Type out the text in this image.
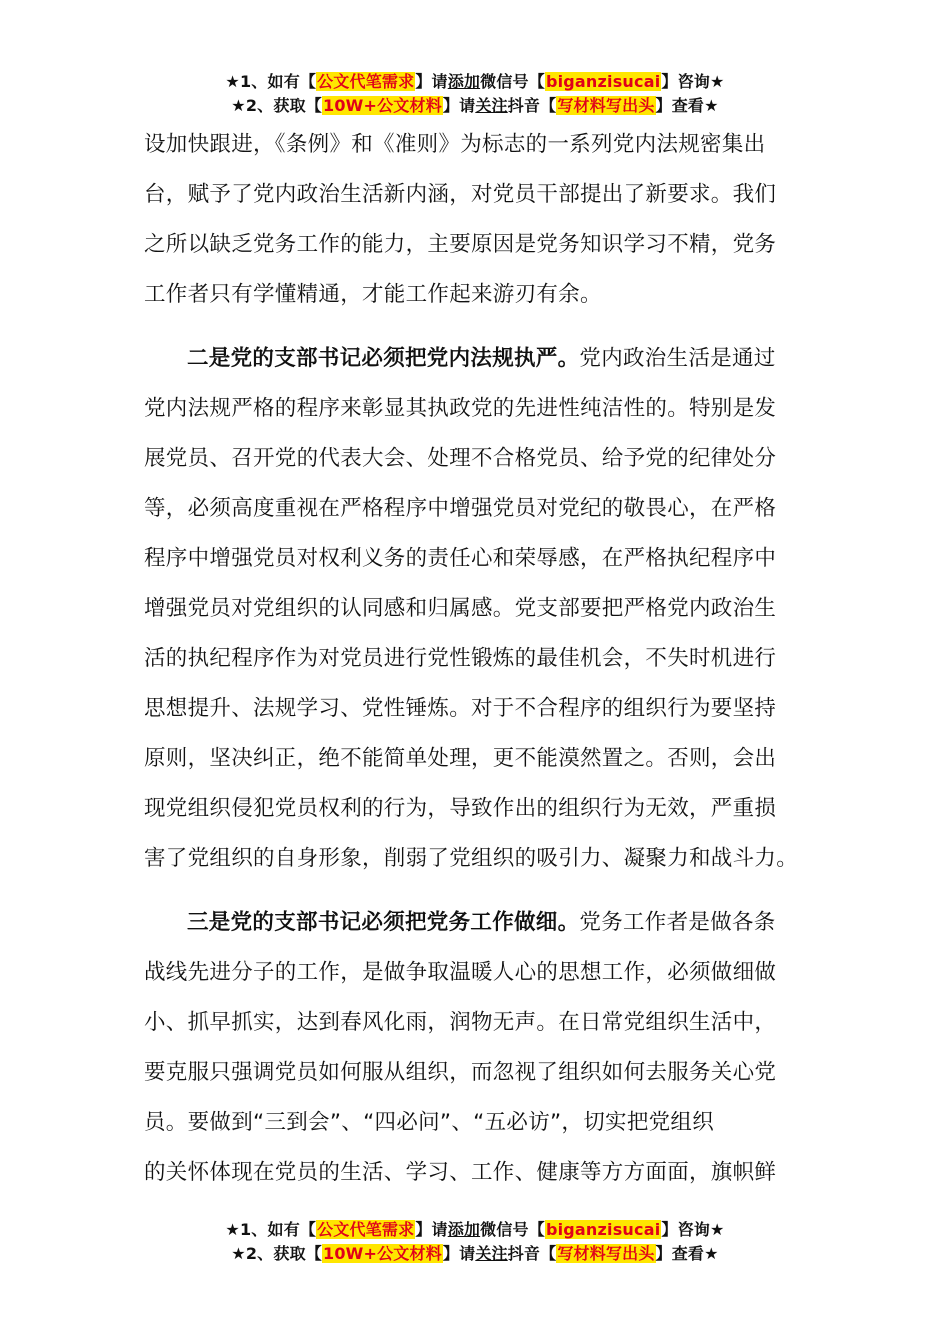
★1、如有【公文代笔需求】请添加微信号【biganzisucai】咨询★
★2、获取【10W+公文材料】请关注抖音【写材料写出头】查看★

设加快跟进，《条例》和《准则》为标志的一系列党内法规密集出

台，赋予了党内政治生活新内涵，对党员干部提出了新要求。我们

之所以缺乏党务工作的能力，主要原因是党务知识学习不精，党务

工作者只有学懂精通，才能工作起来游刃有余。

二是党的支部书记必须把党内法规执严。党内政治生活是通过

党内法规严格的程序来彰显其执政党的先进性纯洁性的。特别是发

展党员、召开党的代表大会、处理不合格党员、给予党的纪律处分

等，必须高度重视在严格程序中增强党员对党纪的敬畏心，在严格

程序中增强党员对权利义务的责任心和荣辱感，在严格执纪程序中

增强党员对党组织的认同感和归属感。党支部要把严格党内政治生

活的执纪程序作为对党员进行党性锻炼的最佳机会，不失时机进行

思想提升、法规学习、党性锤炼。对于不合程序的组织行为要坚持

原则，坚决纠正，绝不能简单处理，更不能漠然置之。否则，会出

现党组织侵犯党员权利的行为，导致作出的组织行为无效，严重损

害了党组织的自身形象，削弱了党组织的吸引力、凝聚力和战斗力。

三是党的支部书记必须把党务工作做细。党务工作者是做各条

战线先进分子的工作，是做争取温暖人心的思想工作，必须做细做

小、抓早抓实，达到春风化雨，润物无声。在日常党组织生活中，

要克服只强调党员如何服从组织，而忽视了组织如何去服务关心党

员。要做到“三到会”、“四必问”、“五必访”，切实把党组织

的关怀体现在党员的生活、学习、工作、健康等方方面面，旗帜鲜

★1、如有【公文代笔需求】请添加微信号【biganzisucai】咨询★
★2、获取【10W+公文材料】请关注抖音【写材料写出头】查看★
